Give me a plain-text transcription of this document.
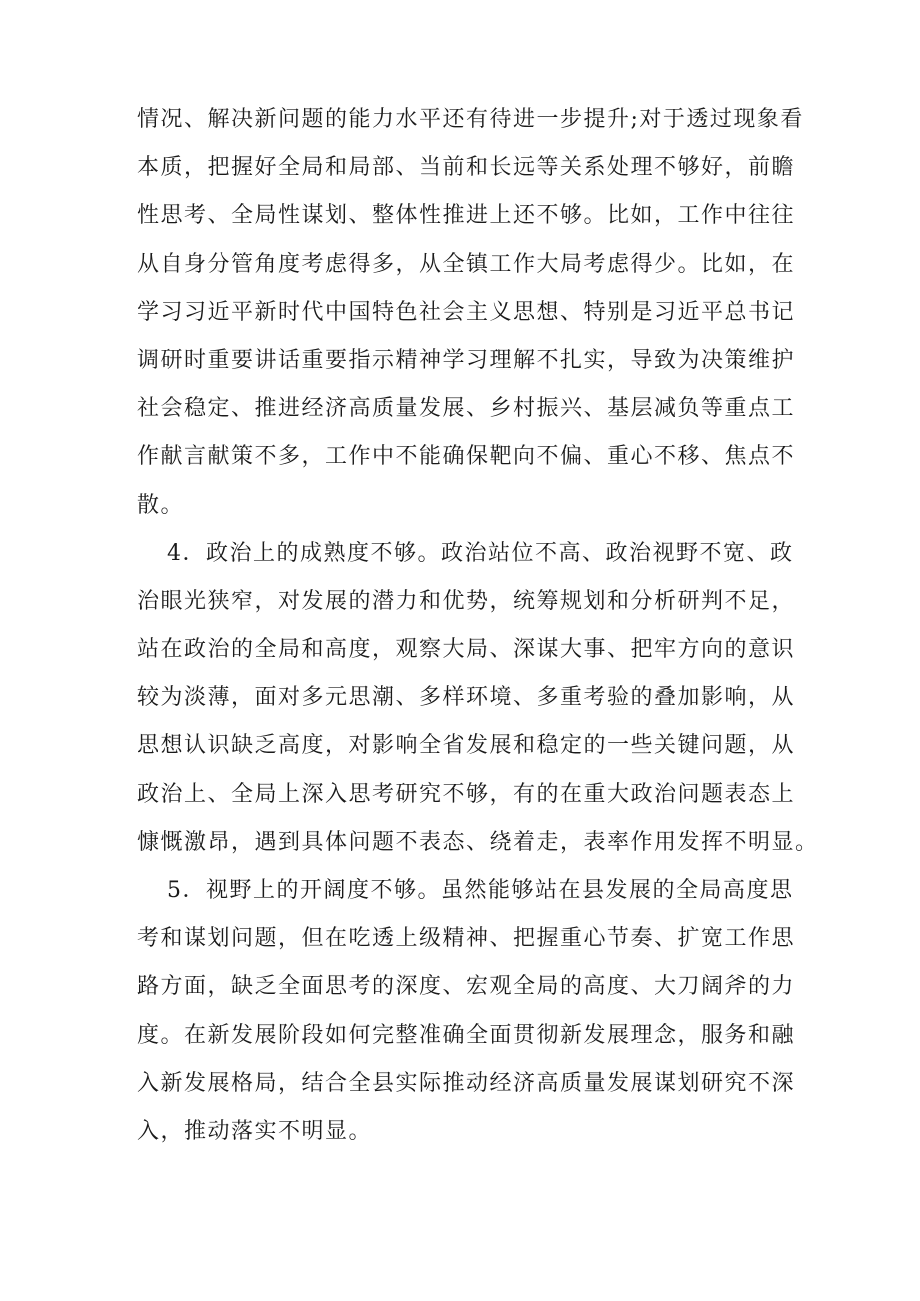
情况、解决新问题的能力水平还有待进一步提升;对于透过现象看
本质，把握好全局和局部、当前和长远等关系处理不够好，前瞻
性思考、全局性谋划、整体性推进上还不够。比如，工作中往往
从自身分管角度考虑得多，从全镇工作大局考虑得少。比如，在
学习习近平新时代中国特色社会主义思想、特别是习近平总书记
调研时重要讲话重要指示精神学习理解不扎实，导致为决策维护
社会稳定、推进经济高质量发展、乡村振兴、基层减负等重点工
作献言献策不多，工作中不能确保靶向不偏、重心不移、焦点不
散。
4．政治上的成熟度不够。政治站位不高、政治视野不宽、政
治眼光狭窄，对发展的潜力和优势，统筹规划和分析研判不足，
站在政治的全局和高度，观察大局、深谋大事、把牢方向的意识
较为淡薄，面对多元思潮、多样环境、多重考验的叠加影响，从
思想认识缺乏高度，对影响全省发展和稳定的一些关键问题，从
政治上、全局上深入思考研究不够，有的在重大政治问题表态上
慷慨激昂，遇到具体问题不表态、绕着走，表率作用发挥不明显。
5．视野上的开阔度不够。虽然能够站在县发展的全局高度思
考和谋划问题，但在吃透上级精神、把握重心节奏、扩宽工作思
路方面，缺乏全面思考的深度、宏观全局的高度、大刀阔斧的力
度。在新发展阶段如何完整准确全面贯彻新发展理念，服务和融
入新发展格局，结合全县实际推动经济高质量发展谋划研究不深
入，推动落实不明显。
